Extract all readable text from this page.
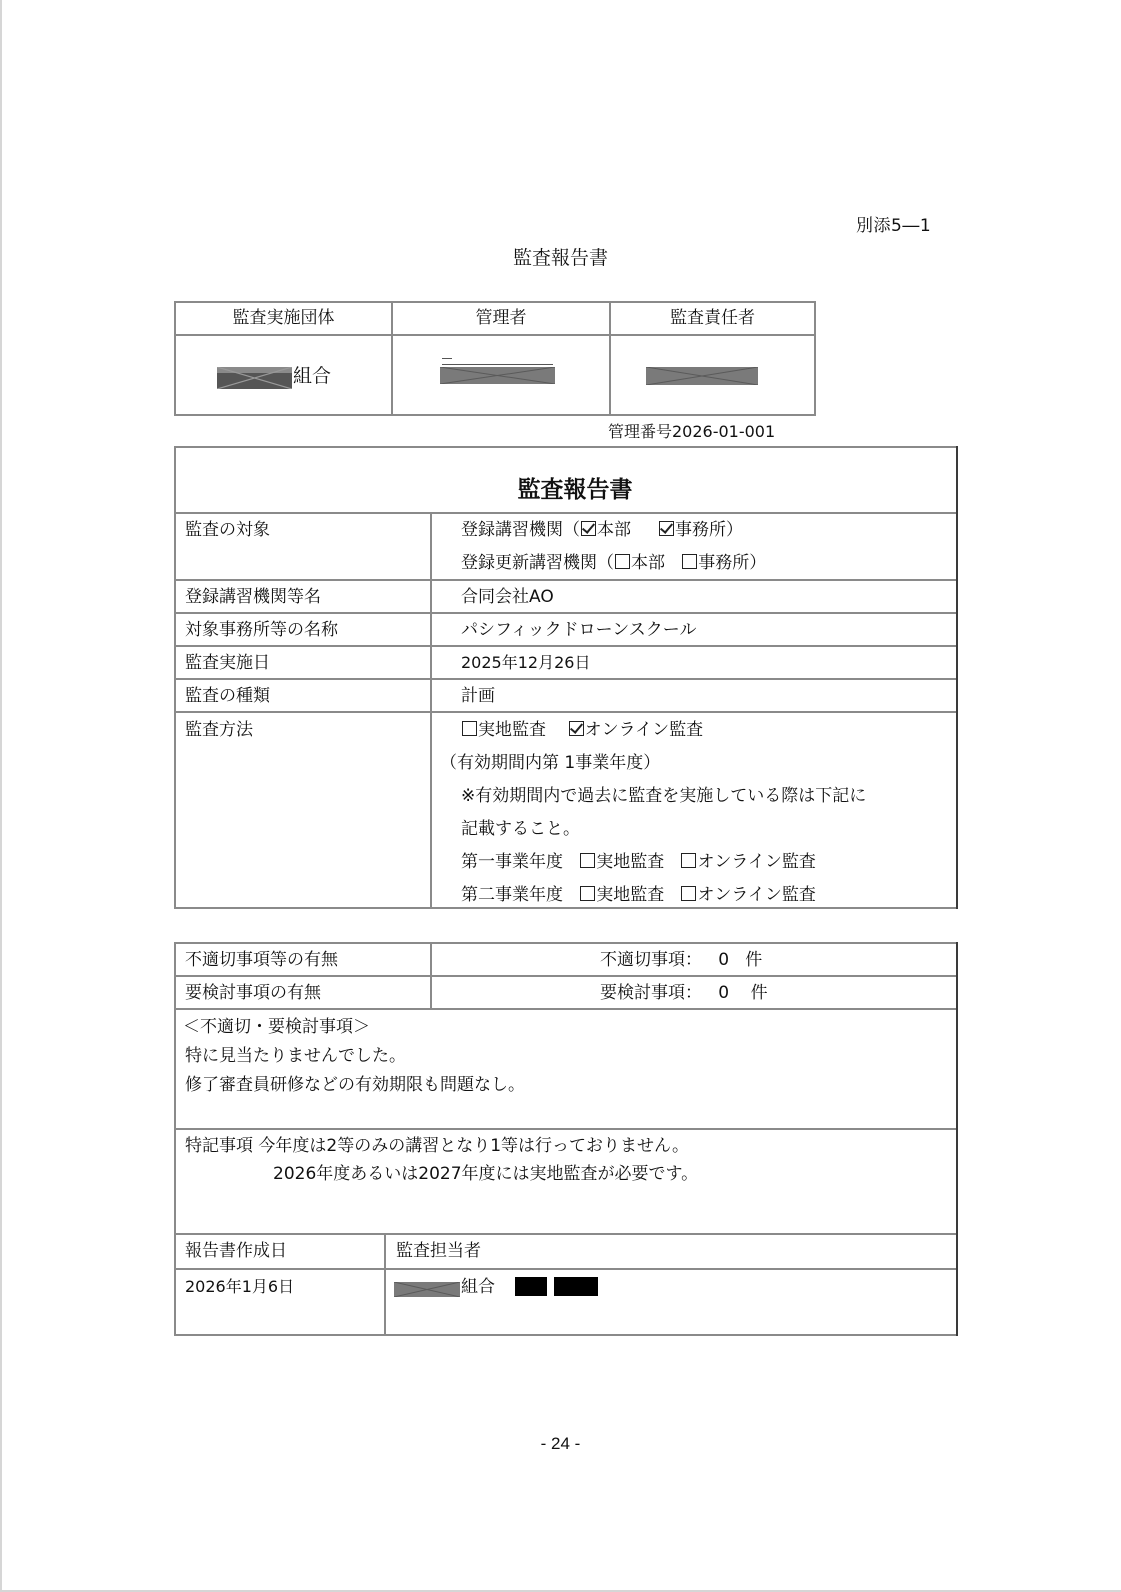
別添5―1
監査報告書
監査実施団体	管理者	監査責任者
組合
管理番号2026-01-001
監査報告書
監査の対象	登録講習機関（ 本部	事務所）
登録更新講習機関（ 本部 事務所）
登録講習機関等名	合同会社AO
対象事務所等の名称	パシフィックドローンスクール
監査実施日	2025年12月26日
監査の種類	計画
監査方法	実地監査 オンライン監査
（有効期間内第 1事業年度）
※有効期間内で過去に監査を実施している際は下記に
記載すること。
第一事業年度 実地監査 オンライン監査
第二事業年度 実地監査 オンライン監査
不適切事項等の有無	不適切事項： 0 件
要検討事項の有無	要検討事項： 0 件
＜不適切・要検討事項＞
特に見当たりませんでした。
修了審査員研修などの有効期限も問題なし。
特記事項 今年度は2等のみの講習となり1等は行っておりません。
2026年度あるいは2027年度には実地監査が必要です。
報告書作成日	監査担当者
2026年1月6日	組合
- 24 -
